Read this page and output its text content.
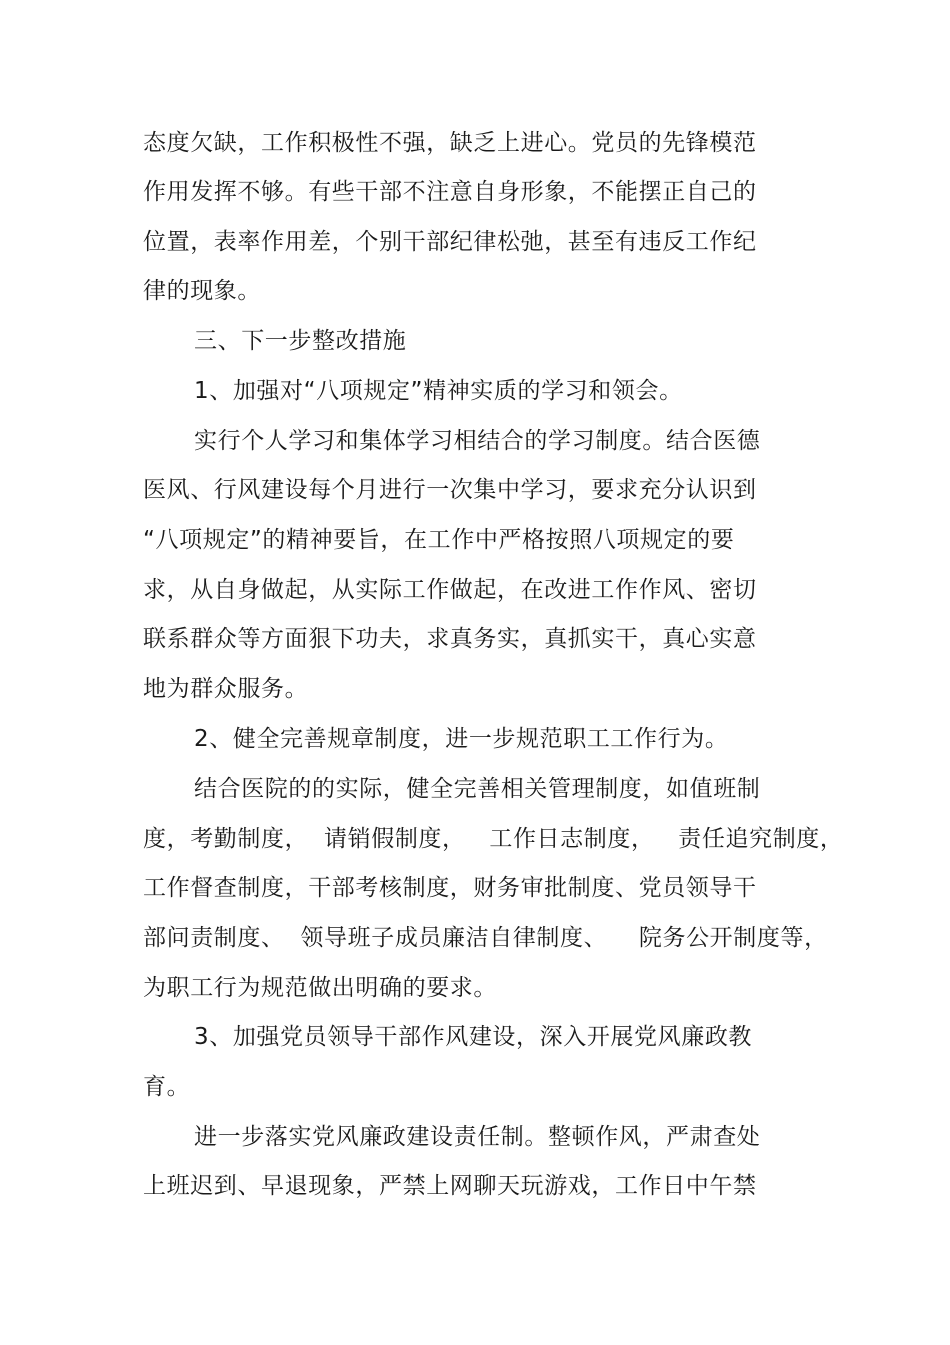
态度欠缺，工作积极性不强，缺乏上进心。党员的先锋模范
作用发挥不够。有些干部不注意自身形象，不能摆正自己的
位置，表率作用差，个别干部纪律松弛，甚至有违反工作纪
律的现象。
三、下一步整改措施
1、加强对“八项规定”精神实质的学习和领会。
实行个人学习和集体学习相结合的学习制度。结合医德
医风、行风建设每个月进行一次集中学习，要求充分认识到
“八项规定”的精神要旨，在工作中严格按照八项规定的要
求，从自身做起，从实际工作做起，在改进工作作风、密切
联系群众等方面狠下功夫，求真务实，真抓实干，真心实意
地为群众服务。
2、健全完善规章制度，进一步规范职工工作行为。
结合医院的的实际，健全完善相关管理制度，如值班制
度，考勤制度，  请销假制度，   工作日志制度，   责任追究制度，
工作督查制度，干部考核制度，财务审批制度、党员领导干
部问责制度、  领导班子成员廉洁自律制度、    院务公开制度等，
为职工行为规范做出明确的要求。
3、加强党员领导干部作风建设，深入开展党风廉政教
育。
进一步落实党风廉政建设责任制。整顿作风，严肃查处
上班迟到、早退现象，严禁上网聊天玩游戏，工作日中午禁
